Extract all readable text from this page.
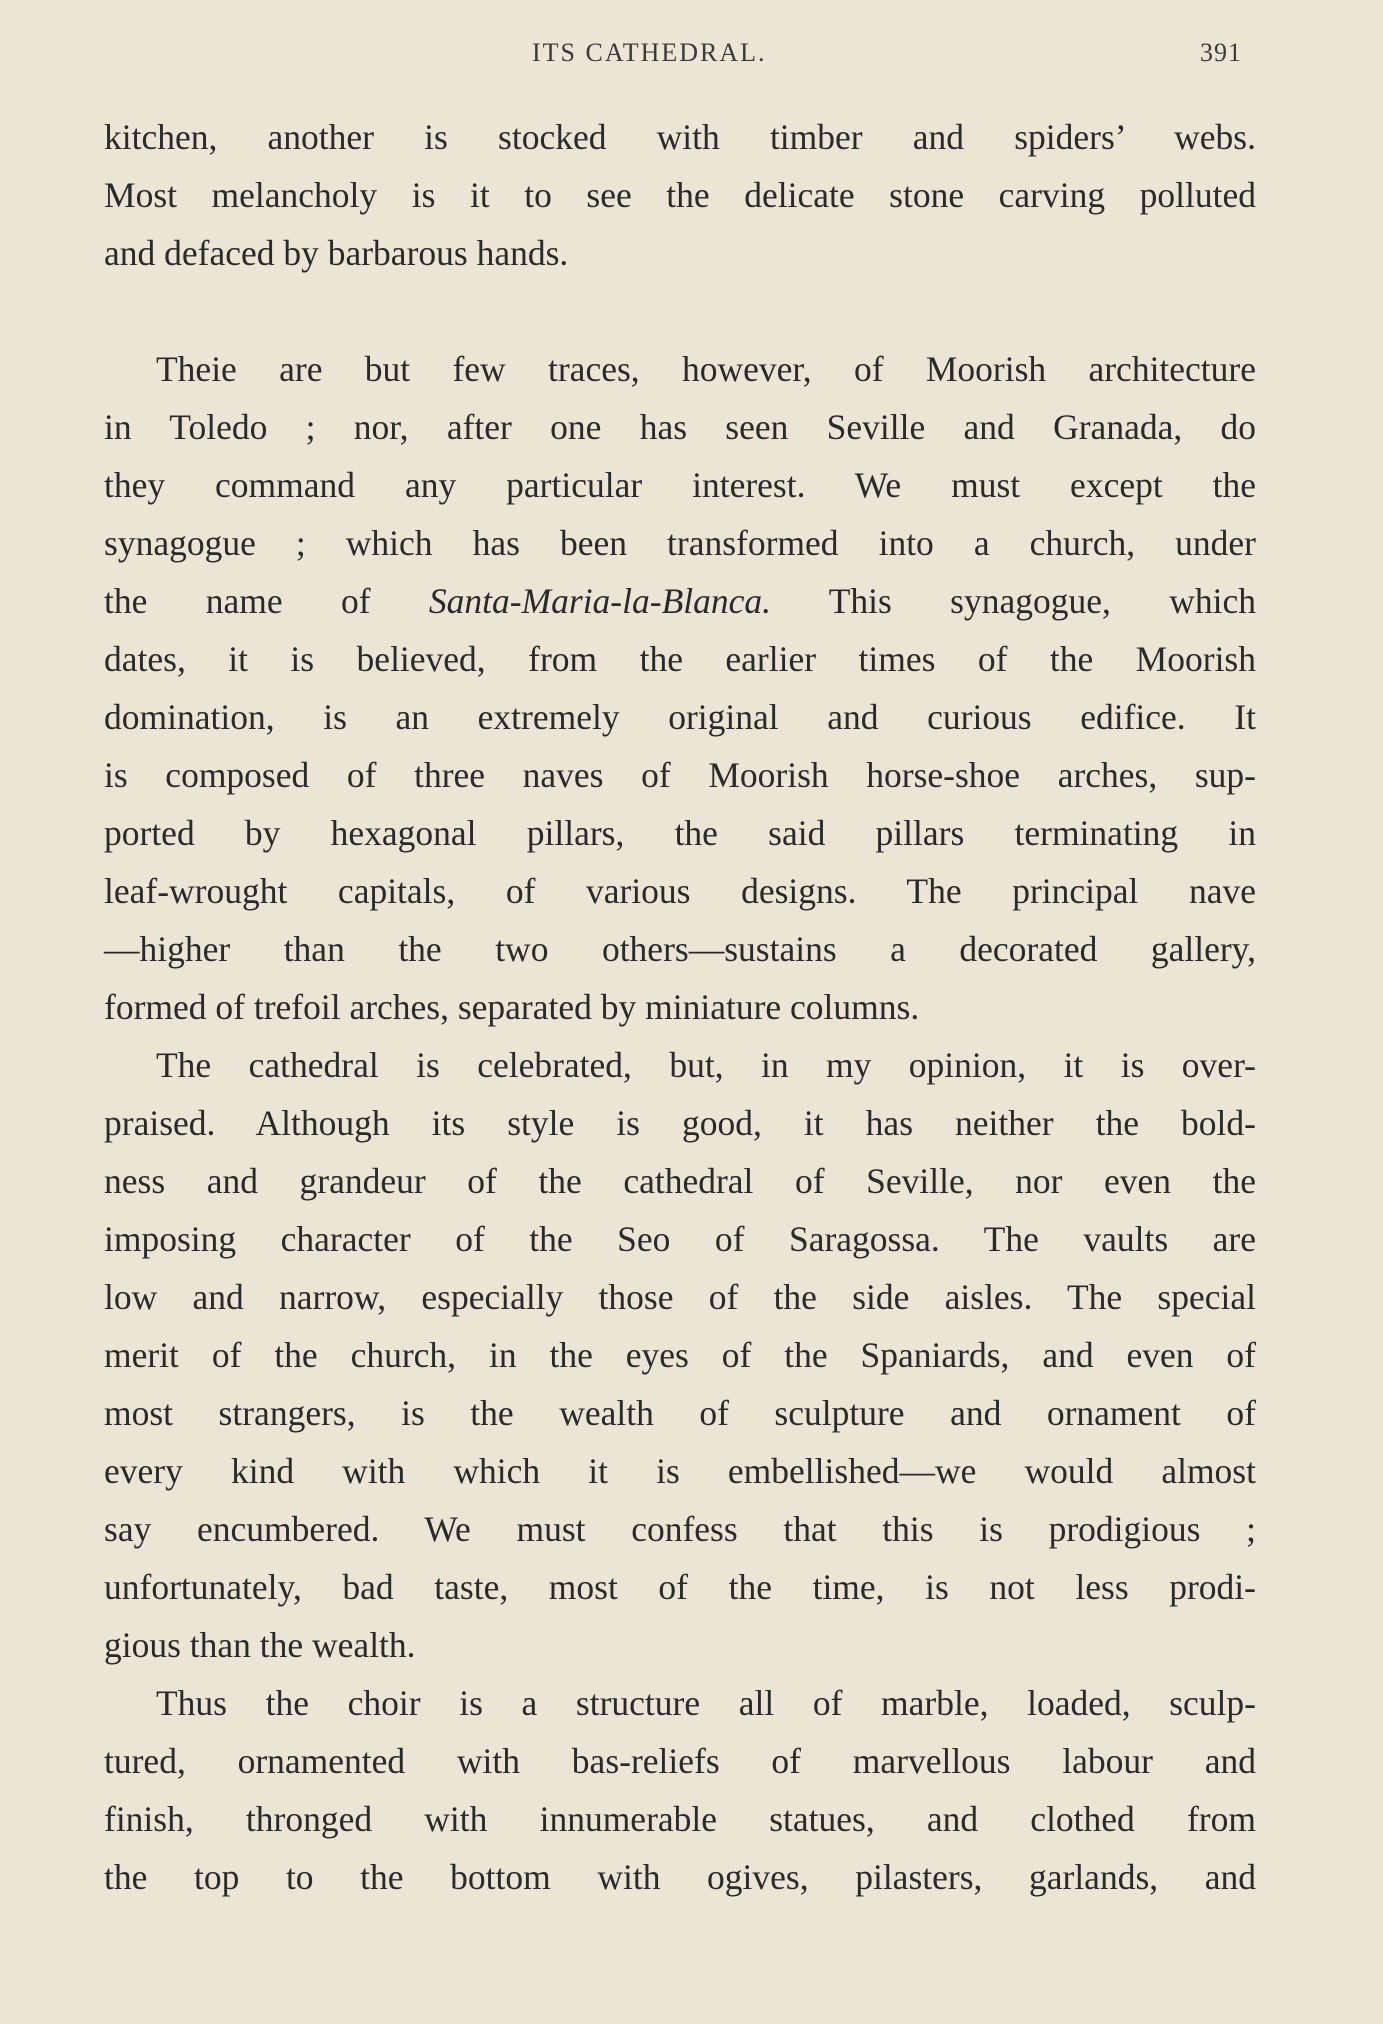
ITS CATHEDRAL.	391
kitchen, another is stocked with timber and spiders’ webs.
Most melancholy is it to see the delicate stone carving polluted
and defaced by barbarous hands.
Theie are but few traces, however, of Moorish architecture
in Toledo ; nor, after one has seen Seville and Granada, do
they command any particular interest. We must except the
synagogue ; which has been transformed into a church, under
the name of Santa-Maria-la-Blanca. This synagogue, which
dates, it is believed, from the earlier times of the Moorish
domination, is an extremely original and curious edifice. It
is composed of three naves of Moorish horse-shoe arches, sup-
ported by hexagonal pillars, the said pillars terminating in
leaf-wrought capitals, of various designs. The principal nave
—higher than the two others—sustains a decorated gallery,
formed of trefoil arches, separated by miniature columns.
The cathedral is celebrated, but, in my opinion, it is over-
praised. Although its style is good, it has neither the bold-
ness and grandeur of the cathedral of Seville, nor even the
imposing character of the Seo of Saragossa. The vaults are
low and narrow, especially those of the side aisles. The special
merit of the church, in the eyes of the Spaniards, and even of
most strangers, is the wealth of sculpture and ornament of
every kind with which it is embellished—we would almost
say encumbered. We must confess that this is prodigious ;
unfortunately, bad taste, most of the time, is not less prodi-
gious than the wealth.
Thus the choir is a structure all of marble, loaded, sculp-
tured, ornamented with bas-reliefs of marvellous labour and
finish, thronged with innumerable statues, and clothed from
the top to the bottom with ogives, pilasters, garlands, and
